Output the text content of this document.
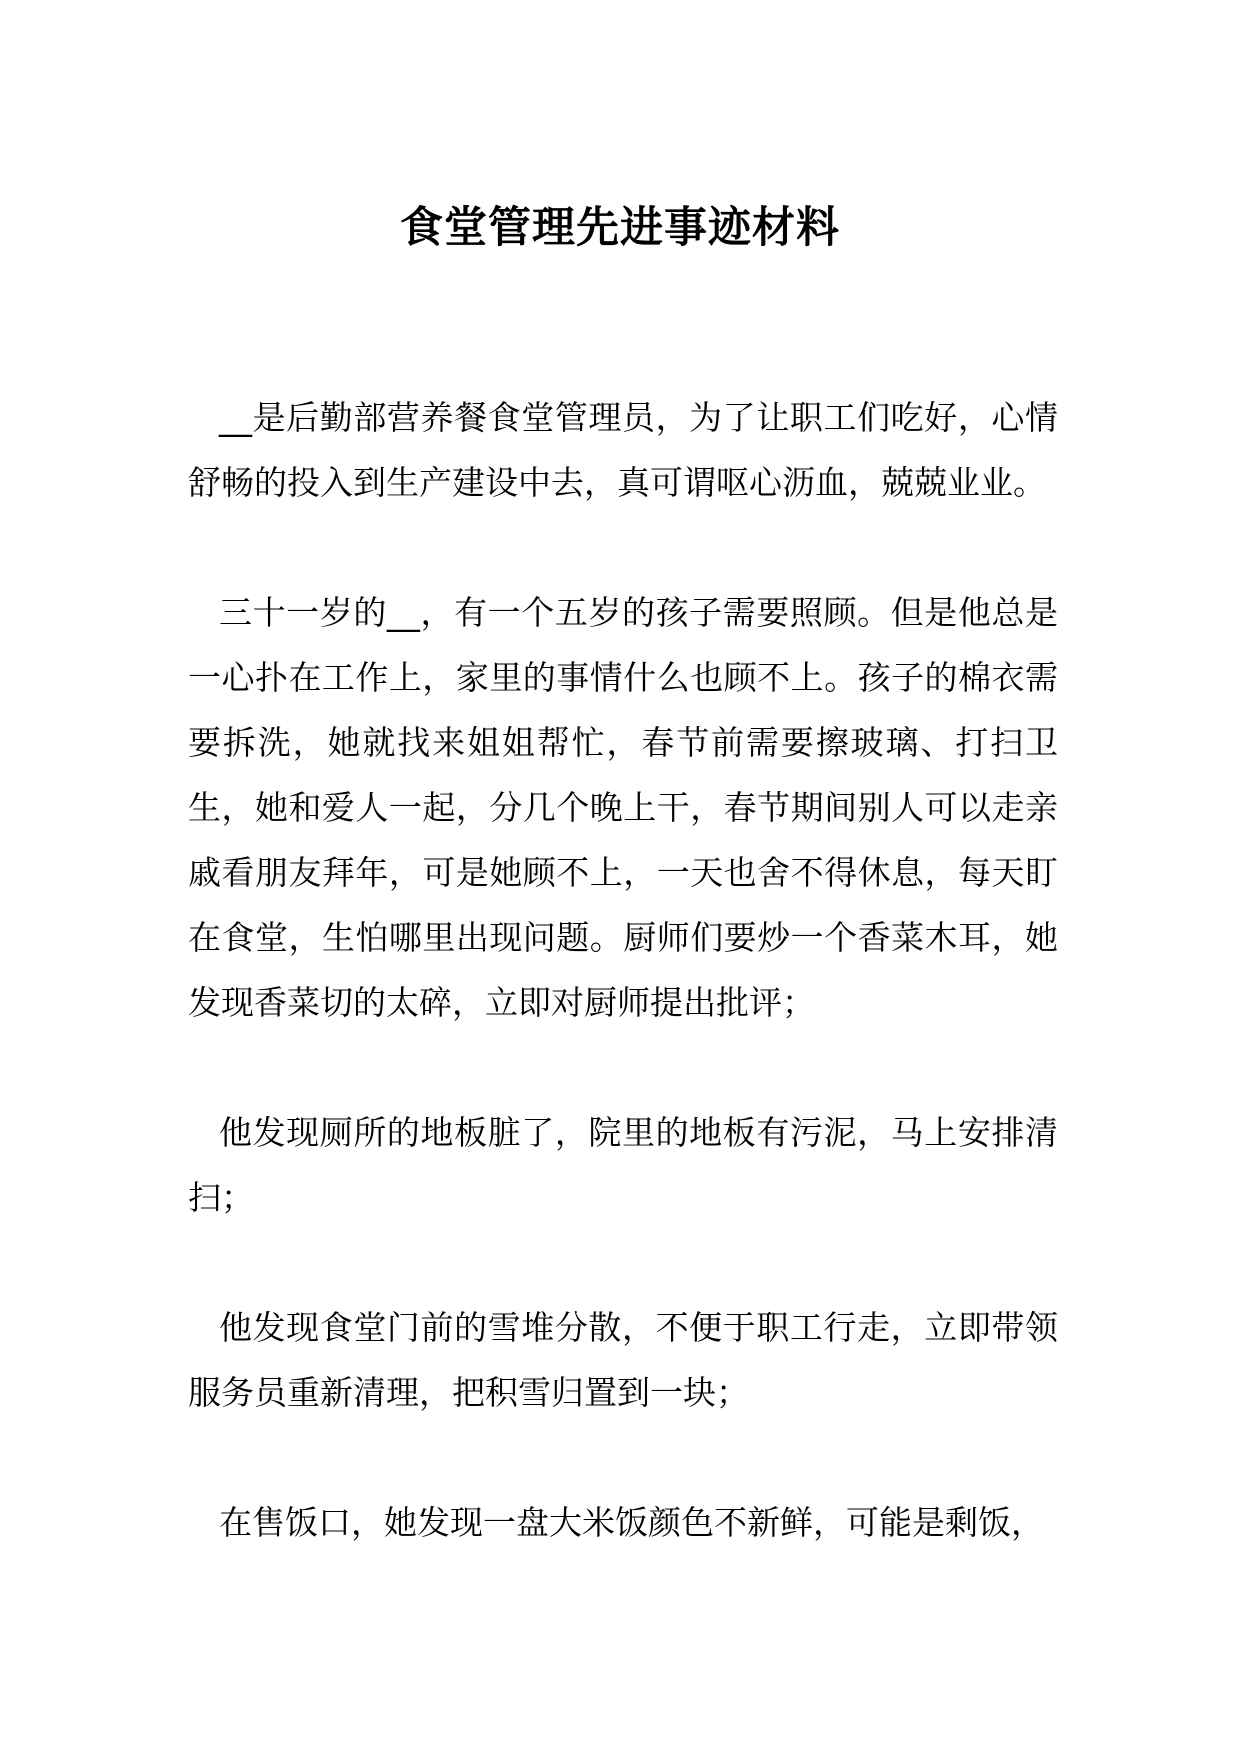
食堂管理先进事迹材料

__是后勤部营养餐食堂管理员，为了让职工们吃好，心情舒畅的投入到生产建设中去，真可谓呕心沥血，兢兢业业。

三十一岁的__，有一个五岁的孩子需要照顾。但是他总是一心扑在工作上，家里的事情什么也顾不上。孩子的棉衣需要拆洗，她就找来姐姐帮忙，春节前需要擦玻璃、打扫卫生，她和爱人一起，分几个晚上干，春节期间别人可以走亲戚看朋友拜年，可是她顾不上，一天也舍不得休息，每天盯在食堂，生怕哪里出现问题。厨师们要炒一个香菜木耳，她发现香菜切的太碎，立即对厨师提出批评；

他发现厕所的地板脏了，院里的地板有污泥，马上安排清扫；

他发现食堂门前的雪堆分散，不便于职工行走，立即带领服务员重新清理，把积雪归置到一块；

在售饭口，她发现一盘大米饭颜色不新鲜，可能是剩饭，
